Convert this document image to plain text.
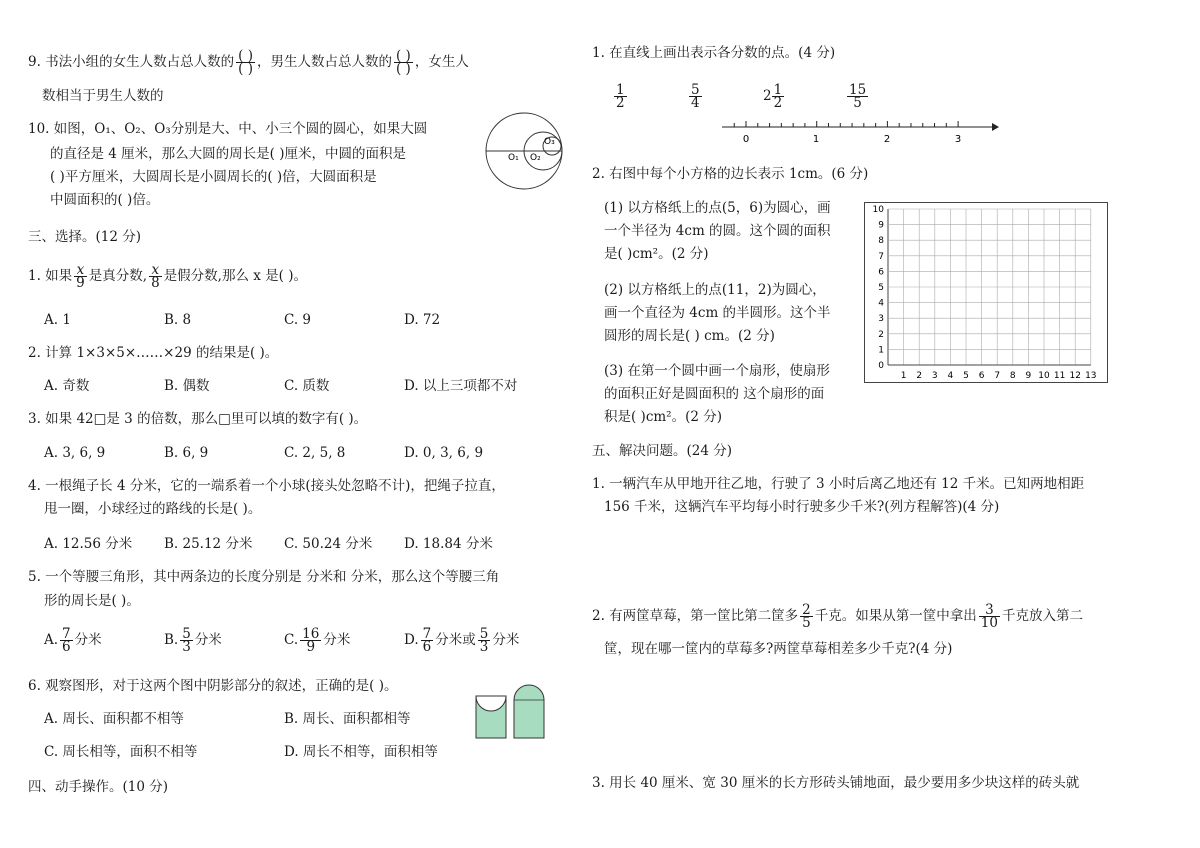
9. 书法小组的女生人数占总人数的 $\frac{( )}{( )}$ ，男生人数占总人数的 $\frac{( )}{( )}$ ，女生人
数相当于男生人数的
10. 如图，O₁、O₂、O₃分别是大、中、小三个圆的圆心，如果大圆
的直径是 4 厘米，那么大圆的周长是( )厘米，中圆的面积是
( )平方厘米，大圆周长是小圆周长的( )倍，大圆面积是
中圆面积的( )倍。
O₁ O₂
O₃
三、选择。(12 分)
1. 如果 $\frac{x}{9}$ 是真分数, $\frac{x}{8}$ 是假分数,那么 x 是( )。
A. 1	B. 8	C. 9	D. 72
2. 计算 1×3×5×……×29 的结果是( )。
A. 奇数	B. 偶数	C. 质数	D. 以上三项都不对
3. 如果 42□是 3 的倍数，那么□里可以填的数字有( )。
A. 3, 6, 9	B. 6, 9	C. 2, 5, 8	D. 0, 3, 6, 9
4. 一根绳子长 4 分米，它的一端系着一个小球(接头处忽略不计)，把绳子拉直，
甩一圈，小球经过的路线的长是( )。
A. 12.56 分米 B. 25.12 分米 C. 50.24 分米 D. 18.84 分米
5. 一个等腰三角形，其中两条边的长度分别是 分米和 分米，那么这个等腰三角
形的周长是( )。
A. $\frac{7}{6}$ 分米	B. $\frac{5}{3}$ 分米	C. $\frac{16}{9}$ 分米	D. $\frac{7}{6}$ 分米或 $\frac{5}{3}$ 分米
6. 观察图形，对于这两个图中阴影部分的叙述，正确的是( )。
A. 周长、面积都不相等	B. 周长、面积都相等
C. 周长相等，面积不相等	D. 周长不相等，面积相等
四、动手操作。(10 分)
1. 在直线上画出表示各分数的点。(4 分)
$\frac{1}{2}$	$\frac{5}{4}$	$2 \frac{1}{2}$	$\frac{15}{5}$
0	1	2	3
2. 右图中每个小方格的边长表示 1cm。(6 分)
(1) 以方格纸上的点(5，6)为圆心，画
一个半径为 4cm 的圆。这个圆的面积
是( )cm²。(2 分)
(2) 以方格纸上的点(11，2)为圆心，
画一个直径为 4cm 的半圆形。这个半
圆形的周长是( ) cm。(2 分)
(3) 在第一个圆中画一个扇形，使扇形
的面积正好是圆面积的 这个扇形的面
积是( )cm²。(2 分)
1 2 3 4 5 6 7 8 9 10 11 12 13
0
1
2
3
4
5
6
7
8
9
10
五、解决问题。(24 分)
1. 一辆汽车从甲地开往乙地，行驶了 3 小时后离乙地还有 12 千米。已知两地相距
156 千米，这辆汽车平均每小时行驶多少千米?(列方程解答)(4 分)
2. 有两筐草莓，第一筐比第二筐多 $\frac{2}{5}$ 千克。如果从第一筐中拿出 $\frac{3}{10}$ 千克放入第二
筐，现在哪一筐内的草莓多?两筐草莓相差多少千克?(4 分)
3. 用长 40 厘米、宽 30 厘米的长方形砖头铺地面，最少要用多少块这样的砖头就
